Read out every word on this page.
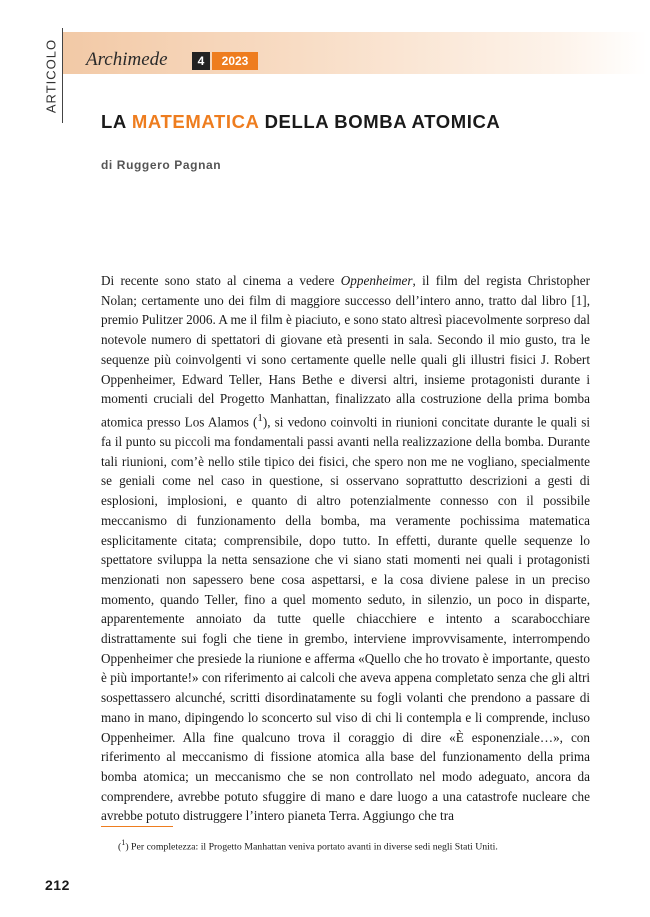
ARTICOLO Archimede	4	2023
LA MATEMATICA DELLA BOMBA ATOMICA
di Ruggero Pagnan

Di recente sono stato al cinema a vedere Oppenheimer, il film del regista Christopher Nolan; certamente uno dei film di maggiore successo dell’intero anno, tratto dal libro [1], premio Pulitzer 2006. A me il film è piaciuto, e sono stato altresì piacevolmente sorpreso dal notevole numero di spettatori di giovane età presenti in sala. Secondo il mio gusto, tra le sequenze più coinvolgenti vi sono certamente quelle nelle quali gli illustri fisici J. Robert Oppenheimer, Edward Teller, Hans Bethe e diversi altri, insieme protagonisti durante i momenti cruciali del Progetto Manhattan, finalizzato alla costruzione della prima bomba atomica presso Los Alamos ($^1$), si vedono coinvolti in riunioni concitate durante le quali si fa il punto su piccoli ma fondamentali passi avanti nella realizzazione della bomba. Durante tali riunioni, com’è nello stile tipico dei fisici, che spero non me ne vogliano, specialmente se geniali come nel caso in questione, si osservano soprattutto descrizioni a gesti di esplosioni, implosioni, e quanto di altro potenzialmente connesso con il possibile meccanismo di funzionamento della bomba, ma veramente pochissima matematica esplicitamente citata; comprensibile, dopo tutto. In effetti, durante quelle sequenze lo spettatore sviluppa la netta sensazione che vi siano stati momenti nei quali i protagonisti menzionati non sapessero bene cosa aspettarsi, e la cosa diviene palese in un preciso momento, quando Teller, fino a quel momento seduto, in silenzio, un poco in disparte, apparentemente annoiato da tutte quelle chiacchiere e intento a scarabocchiare distrattamente sui fogli che tiene in grembo, interviene improvvisamente, interrompendo Oppenheimer che presiede la riunione e afferma «Quello che ho trovato è importante, questo è più importante!» con riferimento ai calcoli che aveva appena completato senza che gli altri sospettassero alcunché, scritti disordinatamente su fogli volanti che prendono a passare di mano in mano, dipingendo lo sconcerto sul viso di chi li contempla e li comprende, incluso Oppenheimer. Alla fine qualcuno trova il coraggio di dire «È esponenziale…», con riferimento al meccanismo di fissione atomica alla base del funzionamento della prima bomba atomica; un meccanismo che se non controllato nel modo adeguato, ancora da comprendere, avrebbe potuto sfuggire di mano e dare luogo a una catastrofe nucleare che avrebbe potuto distruggere l’intero pianeta Terra. Aggiungo che tra

($^1$) Per completezza: il Progetto Manhattan veniva portato avanti in diverse sedi negli Stati Uniti.

212
